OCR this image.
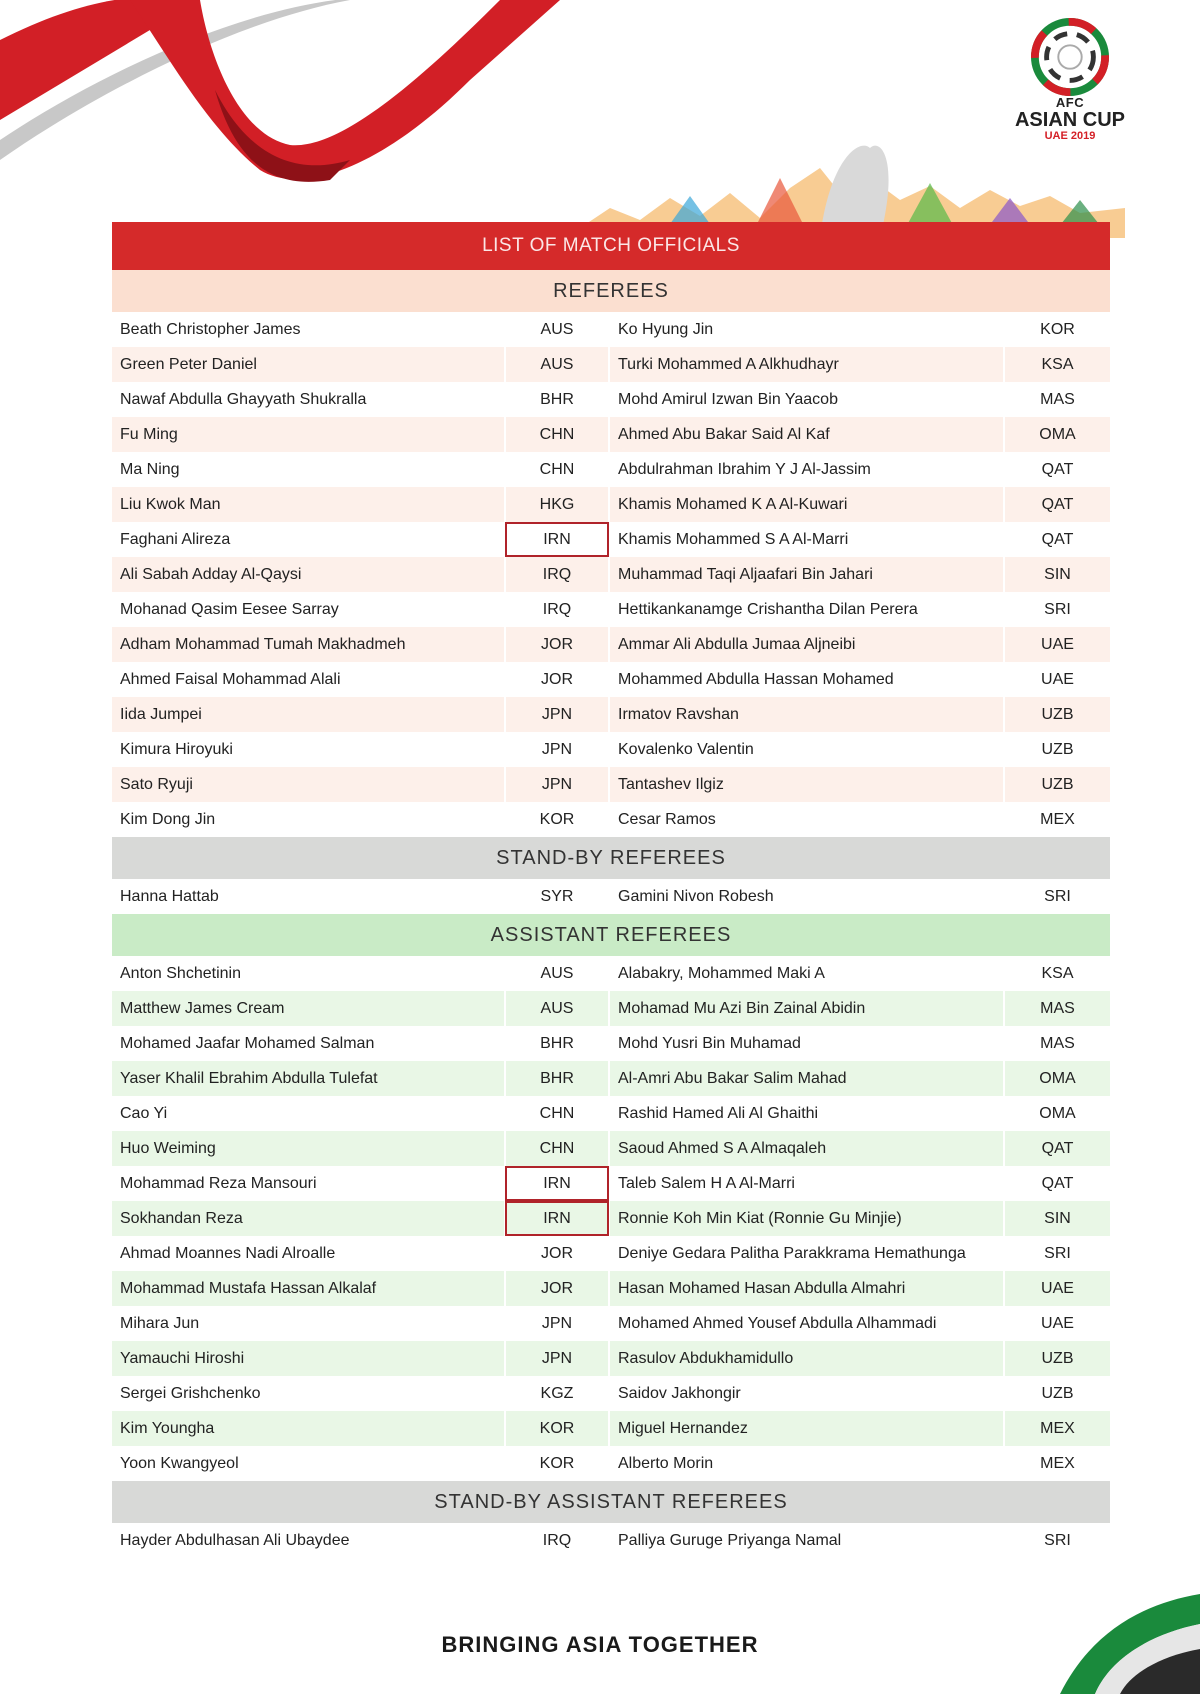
AFC
ASIAN CUP
UAE 2019
LIST OF MATCH OFFICIALS
REFEREES
Beath Christopher James	AUS	Ko Hyung Jin	KOR
Green Peter Daniel	AUS	Turki Mohammed A Alkhudhayr	KSA
Nawaf Abdulla Ghayyath Shukralla	BHR	Mohd Amirul Izwan Bin Yaacob	MAS
Fu Ming	CHN	Ahmed Abu Bakar Said Al Kaf	OMA
Ma Ning	CHN	Abdulrahman Ibrahim Y J Al-Jassim	QAT
Liu Kwok Man	HKG	Khamis Mohamed K A Al-Kuwari	QAT
Faghani Alireza	IRN	Khamis Mohammed S A Al-Marri	QAT
Ali Sabah Adday Al-Qaysi	IRQ	Muhammad Taqi Aljaafari Bin Jahari	SIN
Mohanad Qasim Eesee Sarray	IRQ	Hettikankanamge Crishantha Dilan Perera	SRI
Adham Mohammad Tumah Makhadmeh	JOR	Ammar Ali Abdulla Jumaa Aljneibi	UAE
Ahmed Faisal Mohammad Alali	JOR	Mohammed Abdulla Hassan Mohamed	UAE
Iida Jumpei	JPN	Irmatov Ravshan	UZB
Kimura Hiroyuki	JPN	Kovalenko Valentin	UZB
Sato Ryuji	JPN	Tantashev Ilgiz	UZB
Kim Dong Jin	KOR	Cesar Ramos	MEX
STAND-BY REFEREES
Hanna Hattab	SYR	Gamini Nivon Robesh	SRI
ASSISTANT REFEREES
Anton Shchetinin	AUS	Alabakry, Mohammed Maki A	KSA
Matthew James Cream	AUS	Mohamad Mu Azi Bin Zainal Abidin	MAS
Mohamed Jaafar Mohamed Salman	BHR	Mohd Yusri Bin Muhamad	MAS
Yaser Khalil Ebrahim Abdulla Tulefat	BHR	Al-Amri Abu Bakar Salim Mahad	OMA
Cao Yi	CHN	Rashid Hamed Ali Al Ghaithi	OMA
Huo Weiming	CHN	Saoud Ahmed S A Almaqaleh	QAT
Mohammad Reza Mansouri	IRN	Taleb Salem H A Al-Marri	QAT
Sokhandan Reza	IRN	Ronnie Koh Min Kiat (Ronnie Gu Minjie)	SIN
Ahmad Moannes Nadi Alroalle	JOR	Deniye Gedara Palitha Parakkrama Hemathunga	SRI
Mohammad Mustafa Hassan Alkalaf	JOR	Hasan Mohamed Hasan Abdulla Almahri	UAE
Mihara Jun	JPN	Mohamed Ahmed Yousef Abdulla Alhammadi	UAE
Yamauchi Hiroshi	JPN	Rasulov Abdukhamidullo	UZB
Sergei Grishchenko	KGZ	Saidov Jakhongir	UZB
Kim Youngha	KOR	Miguel Hernandez	MEX
Yoon Kwangyeol	KOR	Alberto Morin	MEX
STAND-BY ASSISTANT REFEREES
Hayder Abdulhasan Ali Ubaydee	IRQ	Palliya Guruge Priyanga Namal	SRI
BRINGING ASIA TOGETHER
